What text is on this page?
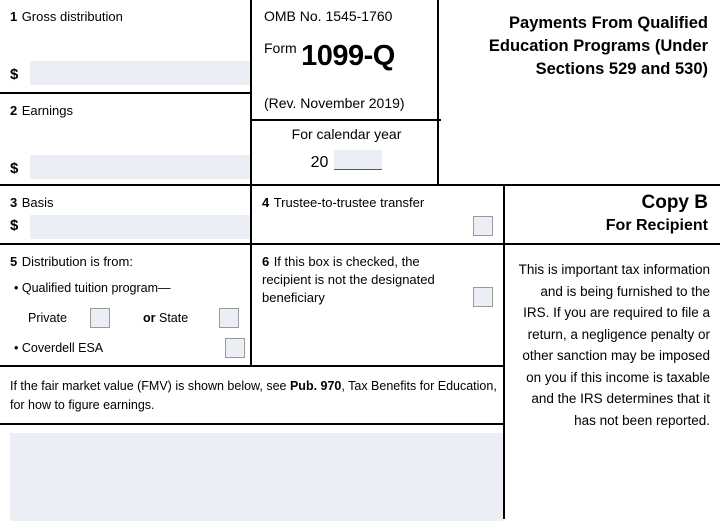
1 Gross distribution
$
2 Earnings
$
3 Basis
$
5 Distribution is from:
• Qualified tuition program—
Private	or State
• Coverdell ESA
4 Trustee-to-trustee transfer
6 If this box is checked, the recipient is not the designated beneficiary

If the fair market value (FMV) is shown below, see Pub. 970, Tax Benefits for Education, for how to figure earnings.

OMB No. 1545-1760
Form 1099-Q
(Rev. November 2019)
For calendar year
20
Payments From Qualified Education Programs (Under Sections 529 and 530)
Copy B
For Recipient

This is important tax information and is being furnished to the IRS. If you are required to file a return, a negligence penalty or other sanction may be imposed on you if this income is taxable and the IRS determines that it has not been reported.
